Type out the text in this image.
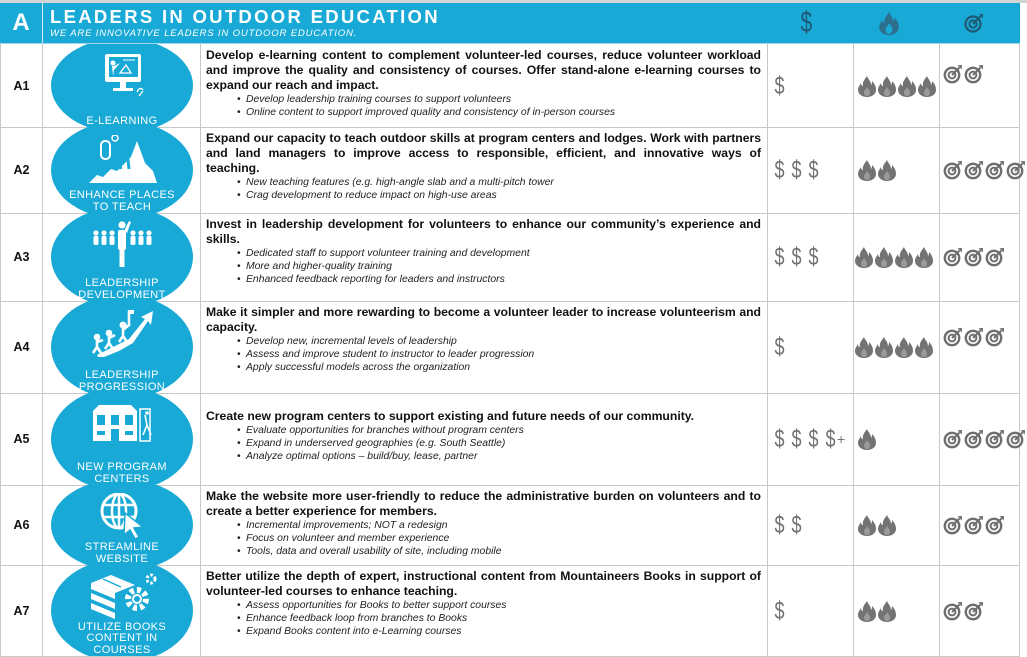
A	LEADERS IN OUTDOOR EDUCATION
WE ARE INNOVATIVE LEADERS IN OUTDOOR EDUCATION.	$
A1
E-LEARNING
Develop e-learning content to complement volunteer-led courses, reduce volunteer workload and improve the quality and consistency of courses. Offer stand-alone e-learning courses to expand our reach and impact.
• Develop leadership training courses to support volunteers
• Online content to support improved quality and consistency of in-person courses
$
A2
ENHANCE PLACES
TO TEACH
Expand our capacity to teach outdoor skills at program centers and lodges. Work with partners and land managers to improve access to responsible, efficient, and innovative ways of teaching.
• New teaching features (e.g. high-angle slab and a multi-pitch tower
• Crag development to reduce impact on high-use areas
$ $ $
A3
LEADERSHIP
DEVELOPMENT
Invest in leadership development for volunteers to enhance our community’s experience and skills.
• Dedicated staff to support volunteer training and development
• More and higher-quality training
• Enhanced feedback reporting for leaders and instructors
$ $ $
A4
LEADERSHIP
PROGRESSION
Make it simpler and more rewarding to become a volunteer leader to increase volunteerism and capacity.
• Develop new, incremental levels of leadership
• Assess and improve student to instructor to leader progression
• Apply successful models across the organization
$
A5
NEW PROGRAM
CENTERS
Create new program centers to support existing and future needs of our community.
• Evaluate opportunities for branches without program centers
• Expand in underserved geographies (e.g. South Seattle)
• Analyze optimal options – build/buy, lease, partner
$ $ $ $ +
A6
STREAMLINE
WEBSITE
Make the website more user-friendly to reduce the administrative burden on volunteers and to create a better experience for members.
• Incremental improvements; NOT a redesign
• Focus on volunteer and member experience
• Tools, data and overall usability of site, including mobile
$ $
A7
UTILIZE BOOKS
CONTENT IN
COURSES
Better utilize the depth of expert, instructional content from Mountaineers Books in support of volunteer-led courses to enhance teaching.
• Assess opportunities for Books to better support courses
• Enhance feedback loop from branches to Books
• Expand Books content into e-Learning courses
$
